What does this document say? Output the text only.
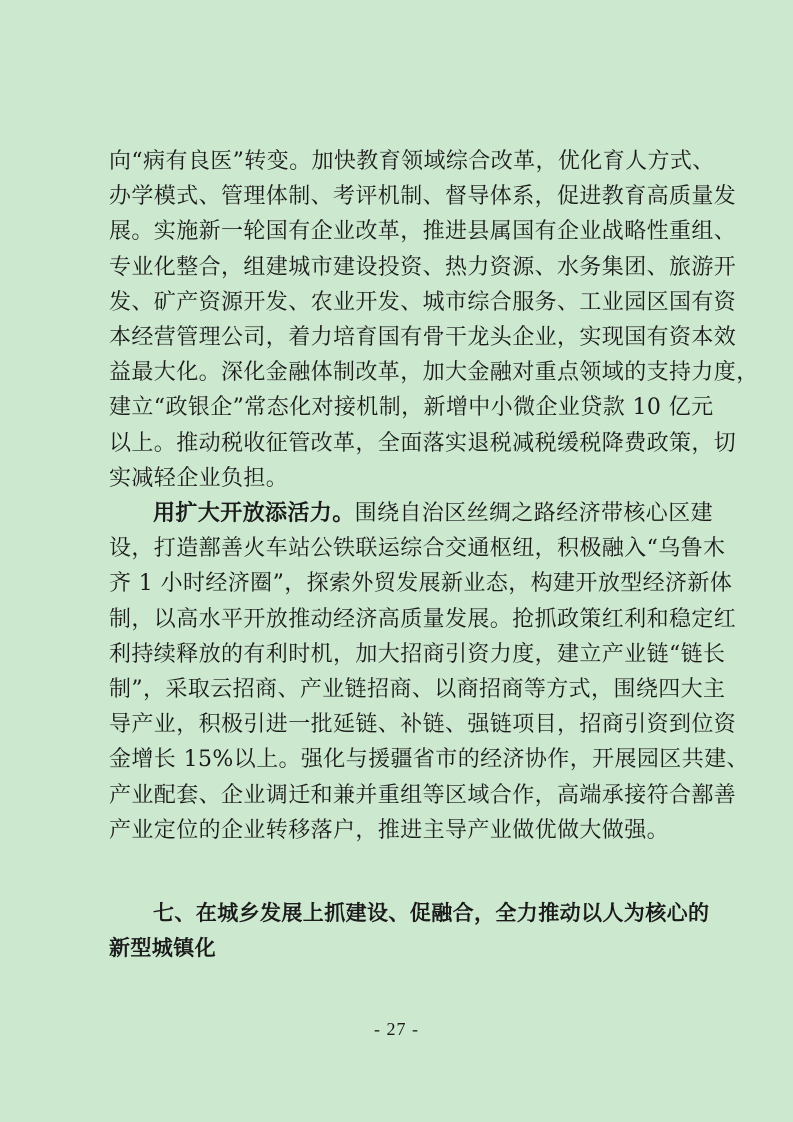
向“病有良医”转变。加快教育领域综合改革，优化育人方式、
办学模式、管理体制、考评机制、督导体系，促进教育高质量发
展。实施新一轮国有企业改革，推进县属国有企业战略性重组、
专业化整合，组建城市建设投资、热力资源、水务集团、旅游开
发、矿产资源开发、农业开发、城市综合服务、工业园区国有资
本经营管理公司，着力培育国有骨干龙头企业，实现国有资本效
益最大化。深化金融体制改革，加大金融对重点领域的支持力度，
建立“政银企”常态化对接机制，新增中小微企业贷款 10 亿元
以上。推动税收征管改革，全面落实退税减税缓税降费政策，切
实减轻企业负担。
用扩大开放添活力。围绕自治区丝绸之路经济带核心区建
设，打造鄯善火车站公铁联运综合交通枢纽，积极融入“乌鲁木
齐 1 小时经济圈”，探索外贸发展新业态，构建开放型经济新体
制，以高水平开放推动经济高质量发展。抢抓政策红利和稳定红
利持续释放的有利时机，加大招商引资力度，建立产业链“链长
制”，采取云招商、产业链招商、以商招商等方式，围绕四大主
导产业，积极引进一批延链、补链、强链项目，招商引资到位资
金增长 15%以上。强化与援疆省市的经济协作，开展园区共建、
产业配套、企业调迁和兼并重组等区域合作，高端承接符合鄯善
产业定位的企业转移落户，推进主导产业做优做大做强。
七、在城乡发展上抓建设、促融合，全力推动以人为核心的
新型城镇化
- 27 -
